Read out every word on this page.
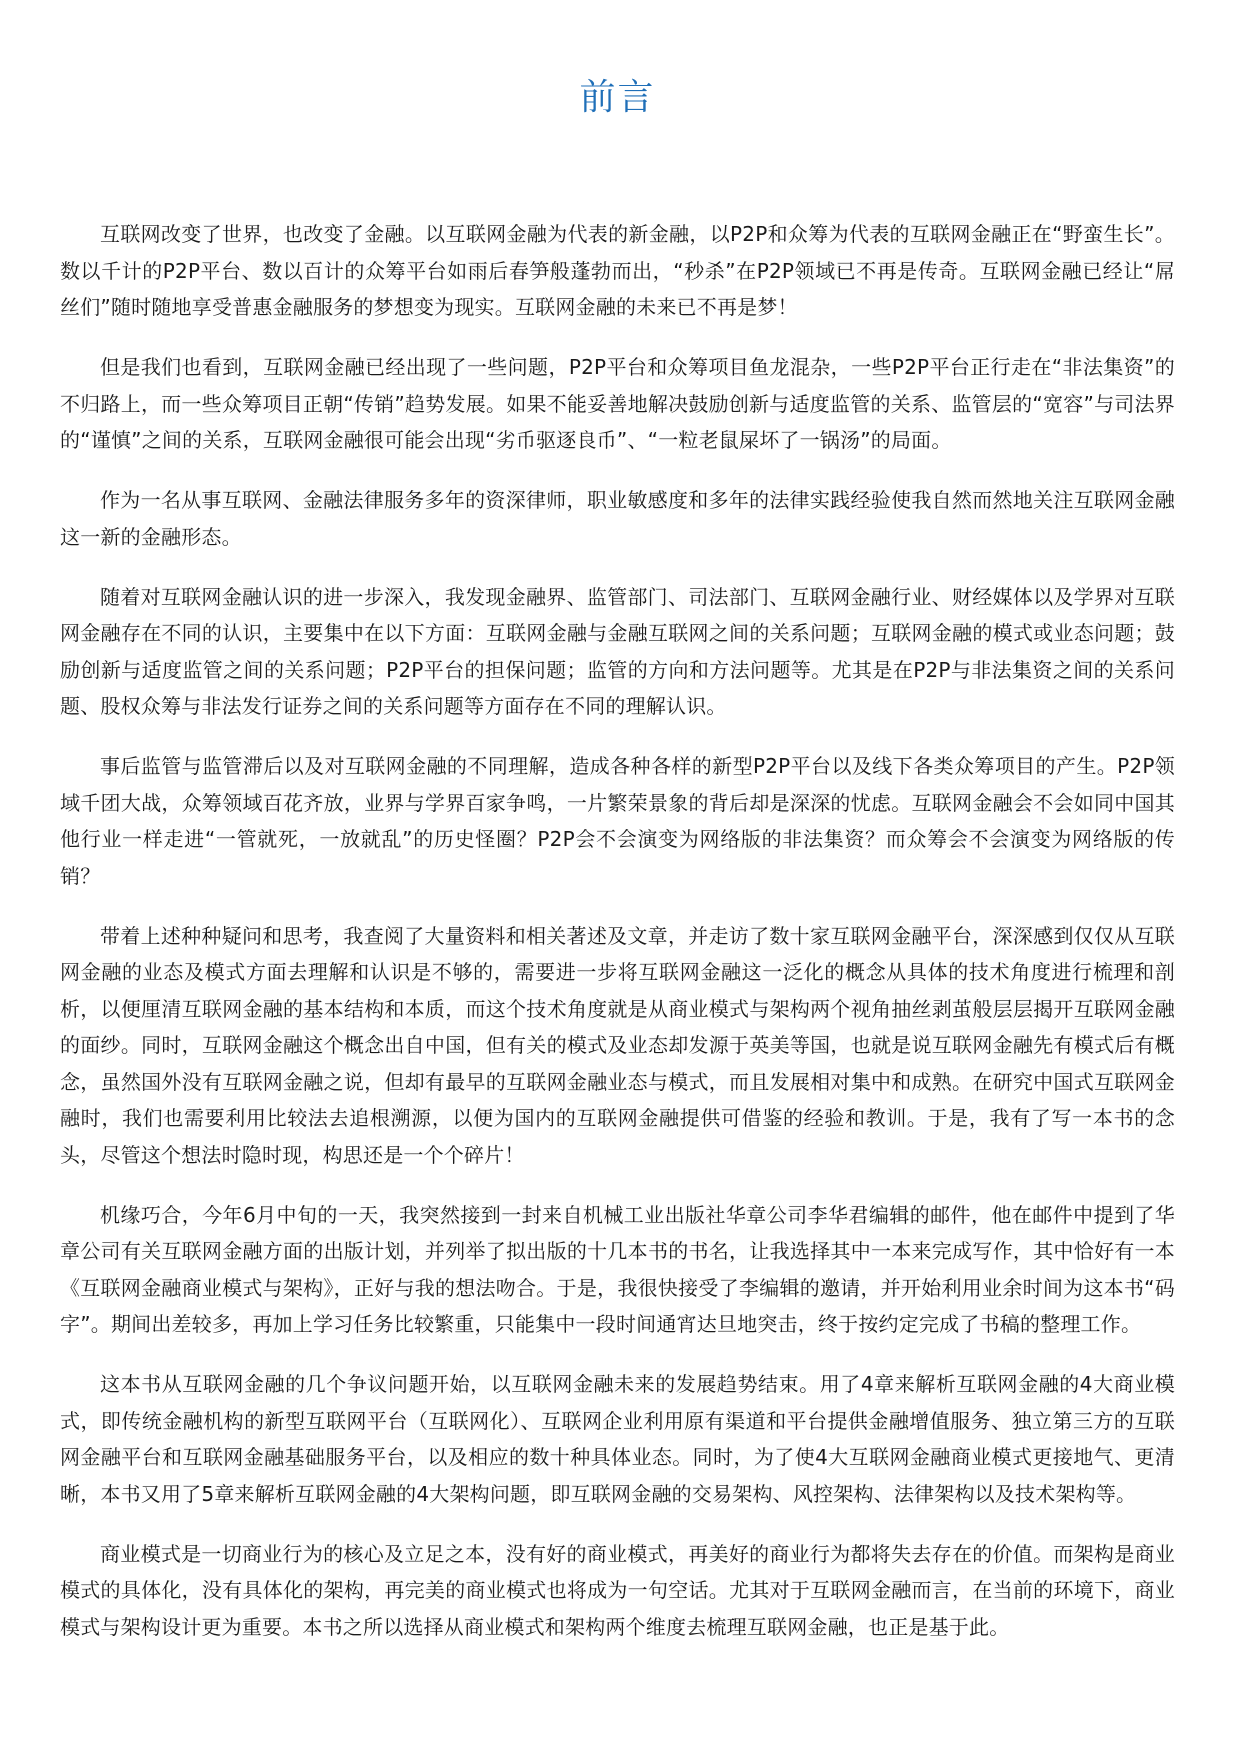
前言

互联网改变了世界，也改变了金融。以互联网金融为代表的新金融，以P2P和众筹为代表的互联网金融正在“野蛮生长”。数以千计的P2P平台、数以百计的众筹平台如雨后春笋般蓬勃而出，“秒杀”在P2P领域已不再是传奇。互联网金融已经让“屌丝们”随时随地享受普惠金融服务的梦想变为现实。互联网金融的未来已不再是梦！

但是我们也看到，互联网金融已经出现了一些问题，P2P平台和众筹项目鱼龙混杂，一些P2P平台正行走在“非法集资”的不归路上，而一些众筹项目正朝“传销”趋势发展。如果不能妥善地解决鼓励创新与适度监管的关系、监管层的“宽容”与司法界的“谨慎”之间的关系，互联网金融很可能会出现“劣币驱逐良币”、“一粒老鼠屎坏了一锅汤”的局面。

作为一名从事互联网、金融法律服务多年的资深律师，职业敏感度和多年的法律实践经验使我自然而然地关注互联网金融这一新的金融形态。

随着对互联网金融认识的进一步深入，我发现金融界、监管部门、司法部门、互联网金融行业、财经媒体以及学界对互联网金融存在不同的认识，主要集中在以下方面：互联网金融与金融互联网之间的关系问题；互联网金融的模式或业态问题；鼓励创新与适度监管之间的关系问题；P2P平台的担保问题；监管的方向和方法问题等。尤其是在P2P与非法集资之间的关系问题、股权众筹与非法发行证券之间的关系问题等方面存在不同的理解认识。

事后监管与监管滞后以及对互联网金融的不同理解，造成各种各样的新型P2P平台以及线下各类众筹项目的产生。P2P领域千团大战，众筹领域百花齐放，业界与学界百家争鸣，一片繁荣景象的背后却是深深的忧虑。互联网金融会不会如同中国其他行业一样走进“一管就死，一放就乱”的历史怪圈？P2P会不会演变为网络版的非法集资？而众筹会不会演变为网络版的传销？

带着上述种种疑问和思考，我查阅了大量资料和相关著述及文章，并走访了数十家互联网金融平台，深深感到仅仅从互联网金融的业态及模式方面去理解和认识是不够的，需要进一步将互联网金融这一泛化的概念从具体的技术角度进行梳理和剖析，以便厘清互联网金融的基本结构和本质，而这个技术角度就是从商业模式与架构两个视角抽丝剥茧般层层揭开互联网金融的面纱。同时，互联网金融这个概念出自中国，但有关的模式及业态却发源于英美等国，也就是说互联网金融先有模式后有概念，虽然国外没有互联网金融之说，但却有最早的互联网金融业态与模式，而且发展相对集中和成熟。在研究中国式互联网金融时，我们也需要利用比较法去追根溯源，以便为国内的互联网金融提供可借鉴的经验和教训。于是，我有了写一本书的念头，尽管这个想法时隐时现，构思还是一个个碎片！

机缘巧合，今年6月中旬的一天，我突然接到一封来自机械工业出版社华章公司李华君编辑的邮件，他在邮件中提到了华章公司有关互联网金融方面的出版计划，并列举了拟出版的十几本书的书名，让我选择其中一本来完成写作，其中恰好有一本《互联网金融商业模式与架构》，正好与我的想法吻合。于是，我很快接受了李编辑的邀请，并开始利用业余时间为这本书“码字”。期间出差较多，再加上学习任务比较繁重，只能集中一段时间通宵达旦地突击，终于按约定完成了书稿的整理工作。

这本书从互联网金融的几个争议问题开始，以互联网金融未来的发展趋势结束。用了4章来解析互联网金融的4大商业模式，即传统金融机构的新型互联网平台（互联网化）、互联网企业利用原有渠道和平台提供金融增值服务、独立第三方的互联网金融平台和互联网金融基础服务平台，以及相应的数十种具体业态。同时，为了使4大互联网金融商业模式更接地气、更清晰，本书又用了5章来解析互联网金融的4大架构问题，即互联网金融的交易架构、风控架构、法律架构以及技术架构等。

商业模式是一切商业行为的核心及立足之本，没有好的商业模式，再美好的商业行为都将失去存在的价值。而架构是商业模式的具体化，没有具体化的架构，再完美的商业模式也将成为一句空话。尤其对于互联网金融而言，在当前的环境下，商业模式与架构设计更为重要。本书之所以选择从商业模式和架构两个维度去梳理互联网金融，也正是基于此。
